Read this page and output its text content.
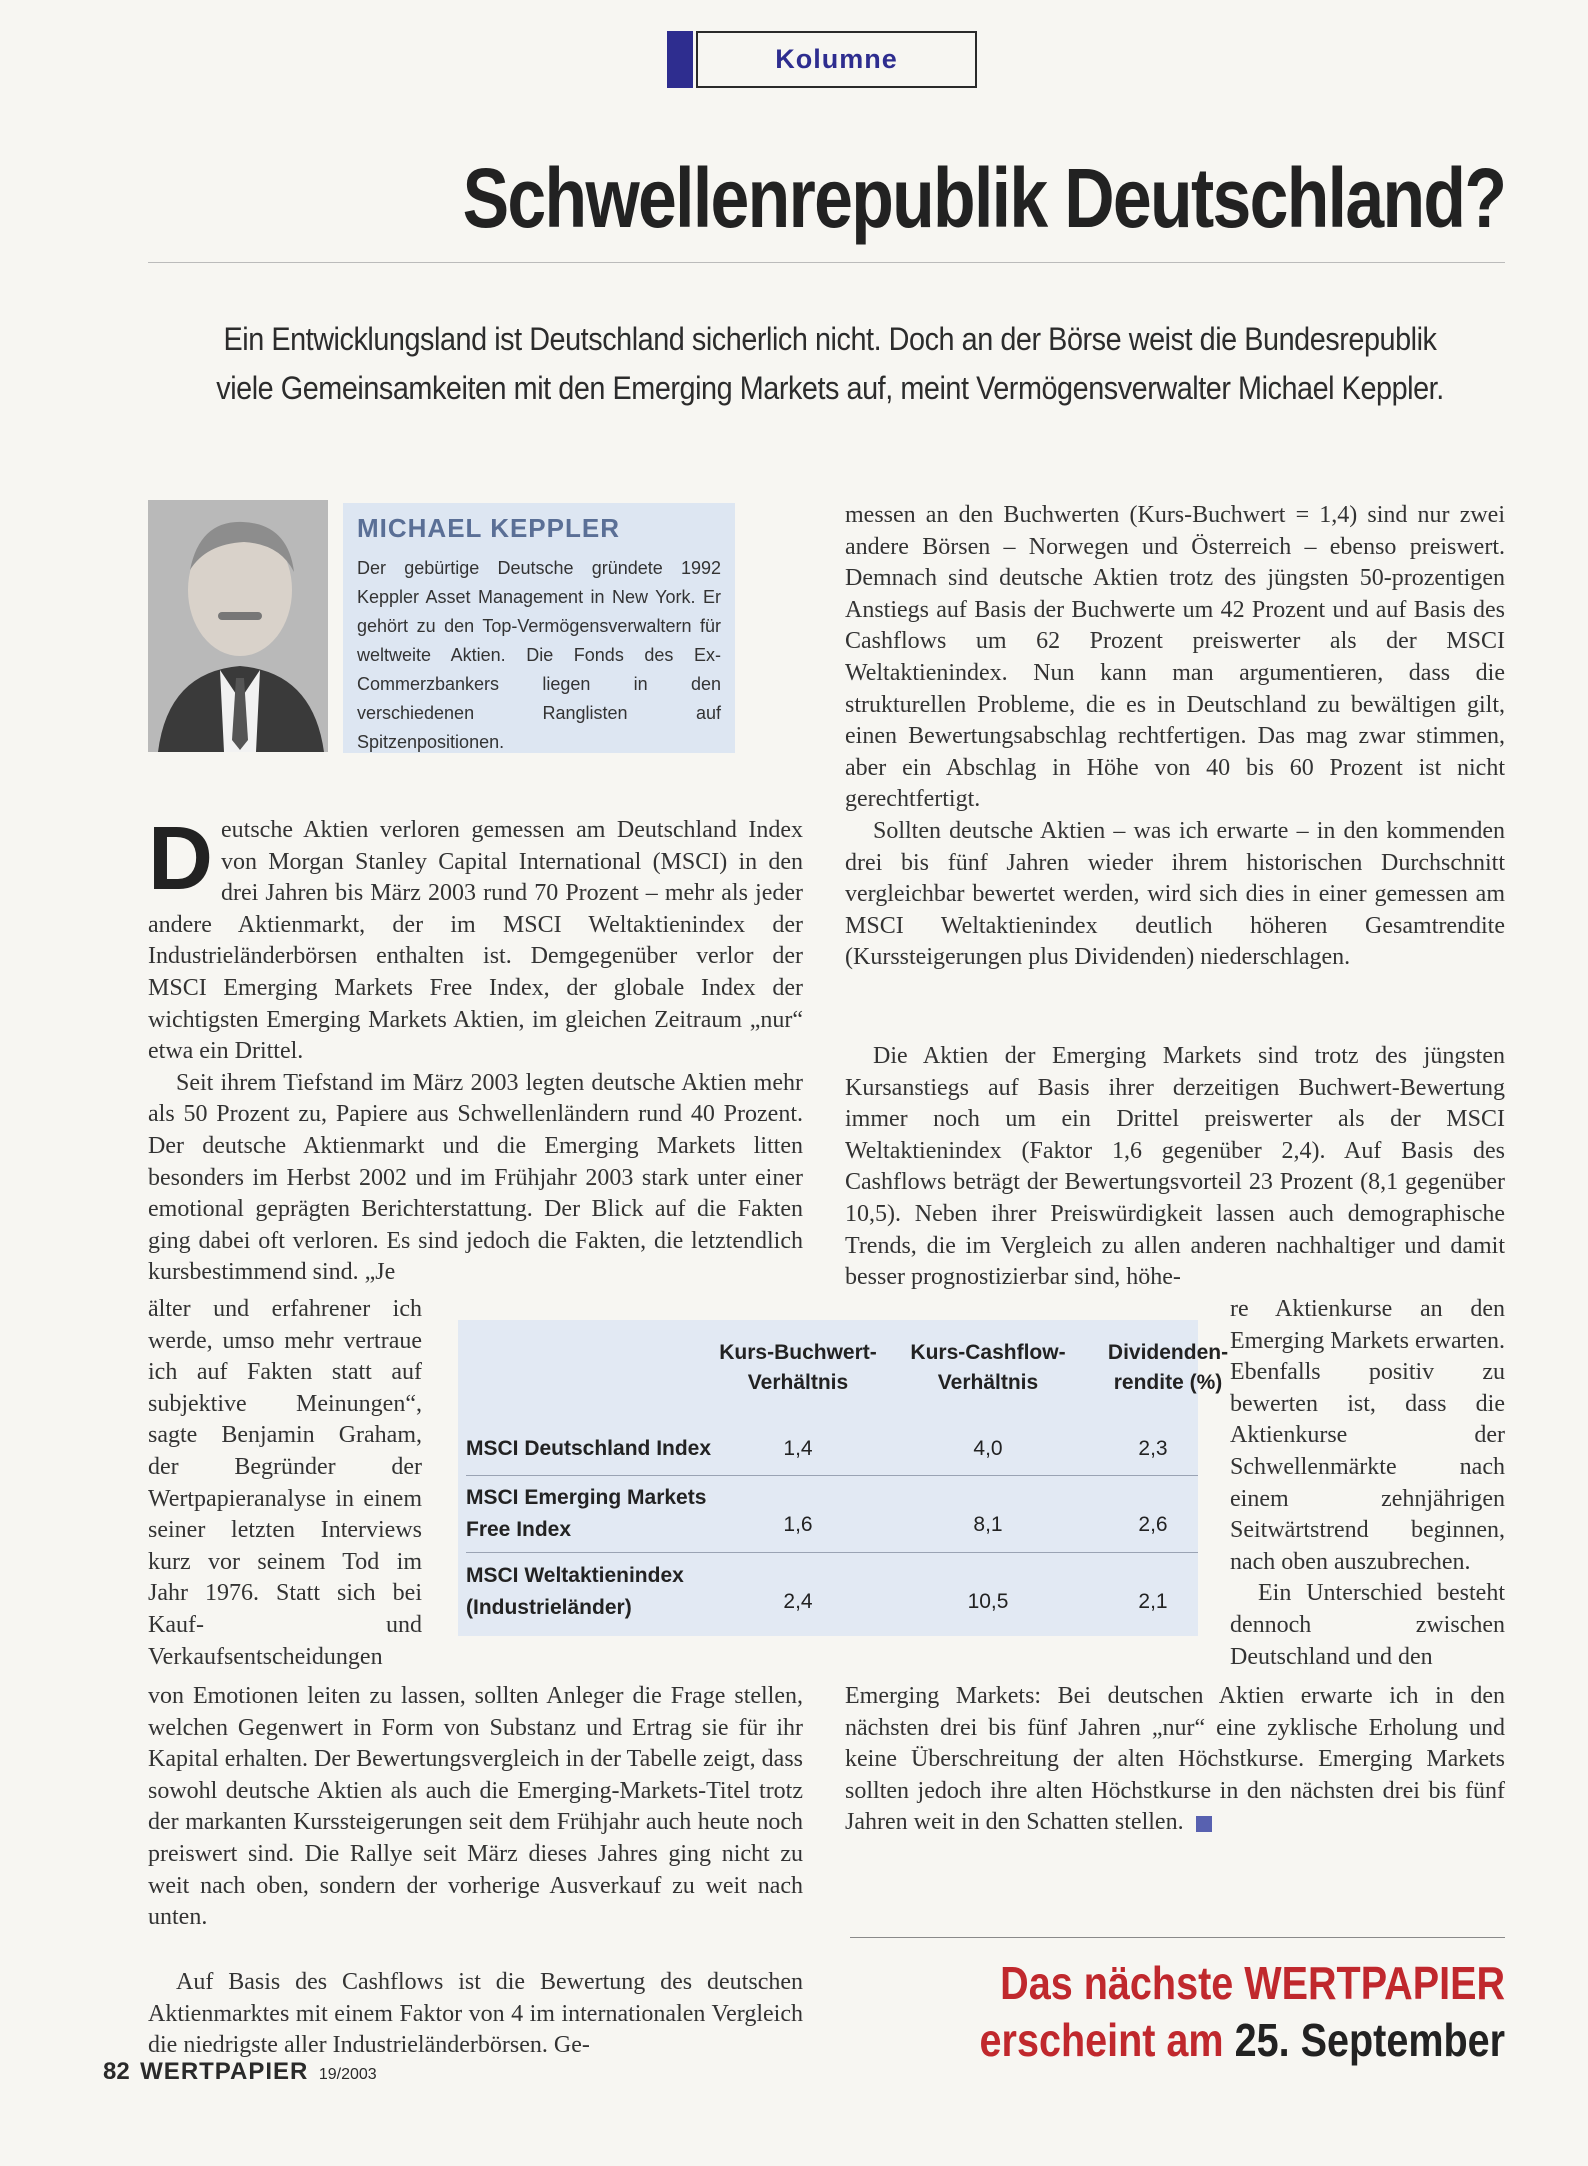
Kolumne
Schwellenrepublik Deutschland?
Ein Entwicklungsland ist Deutschland sicherlich nicht. Doch an der Börse weist die Bundesrepublik
viele Gemeinsamkeiten mit den Emerging Markets auf, meint Vermögensverwalter Michael Keppler.
MICHAEL KEPPLER
Der gebürtige Deutsche gründete 1992 Keppler Asset Management in New York. Er gehört zu den Top-Vermögensverwaltern für weltweite Aktien. Die Fonds des Ex-Commerzbankers liegen in den verschiedenen Ranglisten auf Spitzenpositionen.

Deutsche Aktien verloren gemessen am Deutschland Index von Morgan Stanley Capital International (MSCI) in den drei Jahren bis März 2003 rund 70 Prozent – mehr als jeder andere Aktienmarkt, der im MSCI Weltaktienindex der Industrieländerbörsen enthalten ist. Demgegenüber verlor der MSCI Emerging Markets Free Index, der globale Index der wichtigsten Emerging Markets Aktien, im gleichen Zeitraum „nur“ etwa ein Drittel.

Seit ihrem Tiefstand im März 2003 legten deutsche Aktien mehr als 50 Prozent zu, Papiere aus Schwellenländern rund 40 Prozent. Der deutsche Aktienmarkt und die Emerging Markets litten besonders im Herbst 2002 und im Frühjahr 2003 stark unter einer emotional geprägten Berichterstattung. Der Blick auf die Fakten ging dabei oft verloren. Es sind jedoch die Fakten, die letztendlich kursbestimmend sind. „Je

älter und erfahrener ich werde, umso mehr vertraue ich auf Fakten statt auf subjektive Meinungen“, sagte Benjamin Graham, der Begründer der Wertpapieranalyse in einem seiner letzten Interviews kurz vor seinem Tod im Jahr 1976. Statt sich bei Kauf- und Verkaufsentscheidungen

von Emotionen leiten zu lassen, sollten Anleger die Frage stellen, welchen Gegenwert in Form von Substanz und Ertrag sie für ihr Kapital erhalten. Der Bewertungsvergleich in der Tabelle zeigt, dass sowohl deutsche Aktien als auch die Emerging-Markets-Titel trotz der markanten Kurssteigerungen seit dem Frühjahr auch heute noch preiswert sind. Die Rallye seit März dieses Jahres ging nicht zu weit nach oben, sondern der vorherige Ausverkauf zu weit nach unten.

Auf Basis des Cashflows ist die Bewertung des deutschen Aktienmarktes mit einem Faktor von 4 im internationalen Vergleich die niedrigste aller Industrieländerbörsen. Ge-

messen an den Buchwerten (Kurs-Buchwert = 1,4) sind nur zwei andere Börsen – Norwegen und Österreich – ebenso preiswert. Demnach sind deutsche Aktien trotz des jüngsten 50-prozentigen Anstiegs auf Basis der Buchwerte um 42 Prozent und auf Basis des Cashflows um 62 Prozent preiswerter als der MSCI Weltaktienindex. Nun kann man argumentieren, dass die strukturellen Probleme, die es in Deutschland zu bewältigen gilt, einen Bewertungsabschlag rechtfertigen. Das mag zwar stimmen, aber ein Abschlag in Höhe von 40 bis 60 Prozent ist nicht gerechtfertigt.

Sollten deutsche Aktien – was ich erwarte – in den kommenden drei bis fünf Jahren wieder ihrem historischen Durchschnitt vergleichbar bewertet werden, wird sich dies in einer gemessen am MSCI Weltaktienindex deutlich höheren Gesamtrendite (Kurssteigerungen plus Dividenden) niederschlagen.

Die Aktien der Emerging Markets sind trotz des jüngsten Kursanstiegs auf Basis ihrer derzeitigen Buchwert-Bewertung immer noch um ein Drittel preiswerter als der MSCI Weltaktienindex (Faktor 1,6 gegenüber 2,4). Auf Basis des Cashflows beträgt der Bewertungsvorteil 23 Prozent (8,1 gegenüber 10,5). Neben ihrer Preiswürdigkeit lassen auch demographische Trends, die im Vergleich zu allen anderen nachhaltiger und damit besser prognostizierbar sind, höhe-

re Aktienkurse an den Emerging Markets erwarten. Ebenfalls positiv zu bewerten ist, dass die Aktienkurse der Schwellenmärkte nach einem zehnjährigen Seitwärtstrend beginnen, nach oben auszubrechen.

Ein Unterschied besteht dennoch zwischen Deutschland und den

Emerging Markets: Bei deutschen Aktien erwarte ich in den nächsten drei bis fünf Jahren „nur“ eine zyklische Erholung und keine Überschreitung der alten Höchstkurse. Emerging Markets sollten jedoch ihre alten Höchstkurse in den nächsten drei bis fünf Jahren weit in den Schatten stellen.

Kurs-Buchwert-
Verhältnis
Kurs-Cashflow-
Verhältnis
Dividenden-
rendite (%)
MSCI Deutschland Index	1,4	4,0	2,3
MSCI Emerging Markets
Free Index	1,6	8,1	2,6
MSCI Weltaktienindex
(Industrieländer)	2,4	10,5	2,1
Das nächste WERTPAPIER
erscheint am 25. September
82 WERTPAPIER 19/2003
